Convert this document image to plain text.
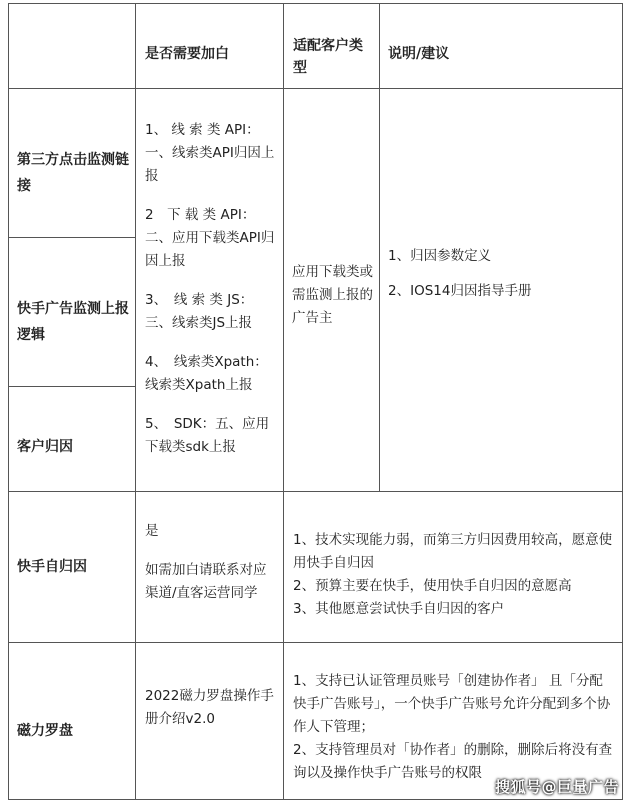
是否需要加白	适配客户类型
说明/建议
第三方点击监测链接
快手广告监测上报逻辑
客户归因

1、 线 索 类 API：一、线索类API归因上报

2　下 载 类 API：二、应用下载类API归因上报

3、　线 索 类 JS：三、线索类JS上报

4、　线索类Xpath：线索类Xpath上报

5、　SDK：五、应用下载类sdk上报

应用下载类或需监测上报的广告主

1、归因参数定义

2、IOS14归因指导手册

快手自归因

是

如需加白请联系对应渠道/直客运营同学

1、技术实现能力弱，而第三方归因费用较高，愿意使用快手自归因

2、预算主要在快手，使用快手自归因的意愿高

3、其他愿意尝试快手自归因的客户

磁力罗盘

2022磁力罗盘操作手册介绍v2.0

1、支持已认证管理员账号「创建协作者」 且「分配快手广告账号」，一个快手广告账号允许分配到多个协作人下管理；

2、支持管理员对「协作者」的删除，删除后将没有查询以及操作快手广告账号的权限

搜狐号@巨量广告
